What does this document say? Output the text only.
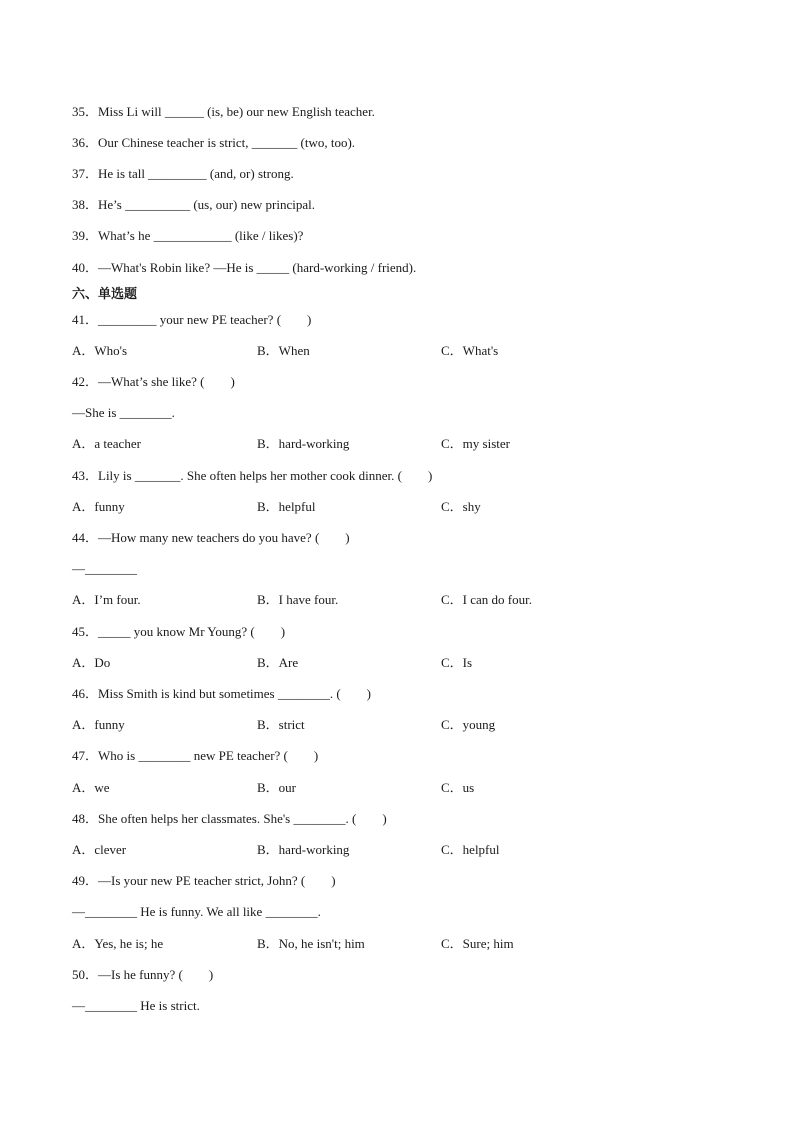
35．Miss Li will ______ (is, be) our new English teacher.
36．Our Chinese teacher is strict, _______ (two, too).
37．He is tall _________ (and, or) strong.
38．He’s __________ (us, our) new principal.
39．What’s he ____________ (like / likes)?
40．—What's Robin like? —He is _____ (hard-working / friend).
六、单选题
41．_________ your new PE teacher? (　　)
A．Who's	B．When	C．What's
42．—What’s she like? (　　)
—She is ________.
A．a teacher	B．hard-working	C．my sister
43．Lily is _______. She often helps her mother cook dinner. (　　)
A．funny	B．helpful	C．shy
44．—How many new teachers do you have? (　　)
—________
A．I’m four.	B．I have four.	C．I can do four.
45．_____ you know Mr Young? (　　)
A．Do	B．Are	C．Is
46．Miss Smith is kind but sometimes ________. (　　)
A．funny	B．strict	C．young
47．Who is ________ new PE teacher? (　　)
A．we	B．our	C．us
48．She often helps her classmates. She's ________. (　　)
A．clever	B．hard-working	C．helpful
49．—Is your new PE teacher strict, John? (　　)
—________ He is funny. We all like ________.
A．Yes, he is; he	B．No, he isn't; him	C．Sure; him
50．—Is he funny? (　　)
—________ He is strict.
